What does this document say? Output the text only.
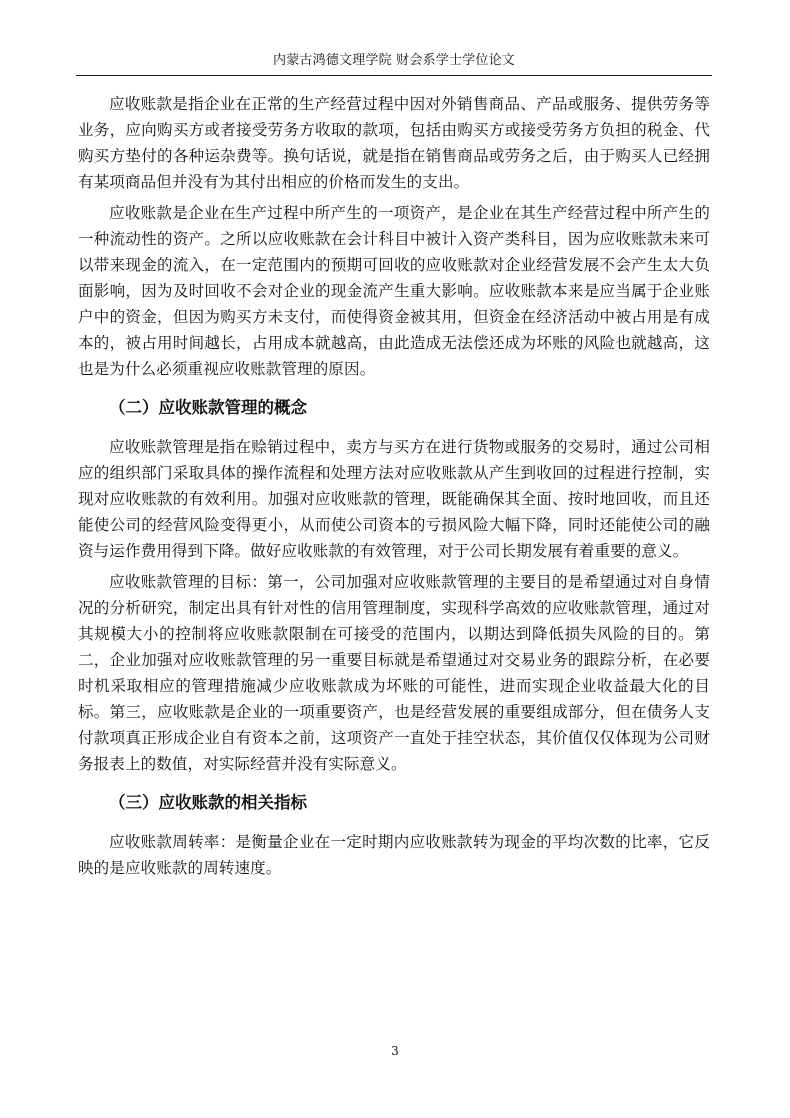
内蒙古鸿德文理学院 财会系学士学位论文

应收账款是指企业在正常的生产经营过程中因对外销售商品、产品或服务、提供劳务等业务，应向购买方或者接受劳务方收取的款项，包括由购买方或接受劳务方负担的税金、代购买方垫付的各种运杂费等。换句话说，就是指在销售商品或劳务之后，由于购买人已经拥有某项商品但并没有为其付出相应的价格而发生的支出。

应收账款是企业在生产过程中所产生的一项资产，是企业在其生产经营过程中所产生的一种流动性的资产。之所以应收账款在会计科目中被计入资产类科目，因为应收账款未来可以带来现金的流入，在一定范围内的预期可回收的应收账款对企业经营发展不会产生太大负面影响，因为及时回收不会对企业的现金流产生重大影响。应收账款本来是应当属于企业账户中的资金，但因为购买方未支付，而使得资金被其用，但资金在经济活动中被占用是有成本的，被占用时间越长，占用成本就越高，由此造成无法偿还成为坏账的风险也就越高，这也是为什么必须重视应收账款管理的原因。

（二）应收账款管理的概念

应收账款管理是指在赊销过程中，卖方与买方在进行货物或服务的交易时，通过公司相应的组织部门采取具体的操作流程和处理方法对应收账款从产生到收回的过程进行控制，实现对应收账款的有效利用。加强对应收账款的管理，既能确保其全面、按时地回收，而且还能使公司的经营风险变得更小，从而使公司资本的亏损风险大幅下降，同时还能使公司的融资与运作费用得到下降。做好应收账款的有效管理，对于公司长期发展有着重要的意义。

应收账款管理的目标：第一，公司加强对应收账款管理的主要目的是希望通过对自身情况的分析研究，制定出具有针对性的信用管理制度，实现科学高效的应收账款管理，通过对其规模大小的控制将应收账款限制在可接受的范围内，以期达到降低损失风险的目的。第二，企业加强对应收账款管理的另一重要目标就是希望通过对交易业务的跟踪分析，在必要时机采取相应的管理措施减少应收账款成为坏账的可能性，进而实现企业收益最大化的目标。第三，应收账款是企业的一项重要资产，也是经营发展的重要组成部分，但在债务人支付款项真正形成企业自有资本之前，这项资产一直处于挂空状态，其价值仅仅体现为公司财务报表上的数值，对实际经营并没有实际意义。

（三）应收账款的相关指标

应收账款周转率：是衡量企业在一定时期内应收账款转为现金的平均次数的比率，它反映的是应收账款的周转速度。

3
